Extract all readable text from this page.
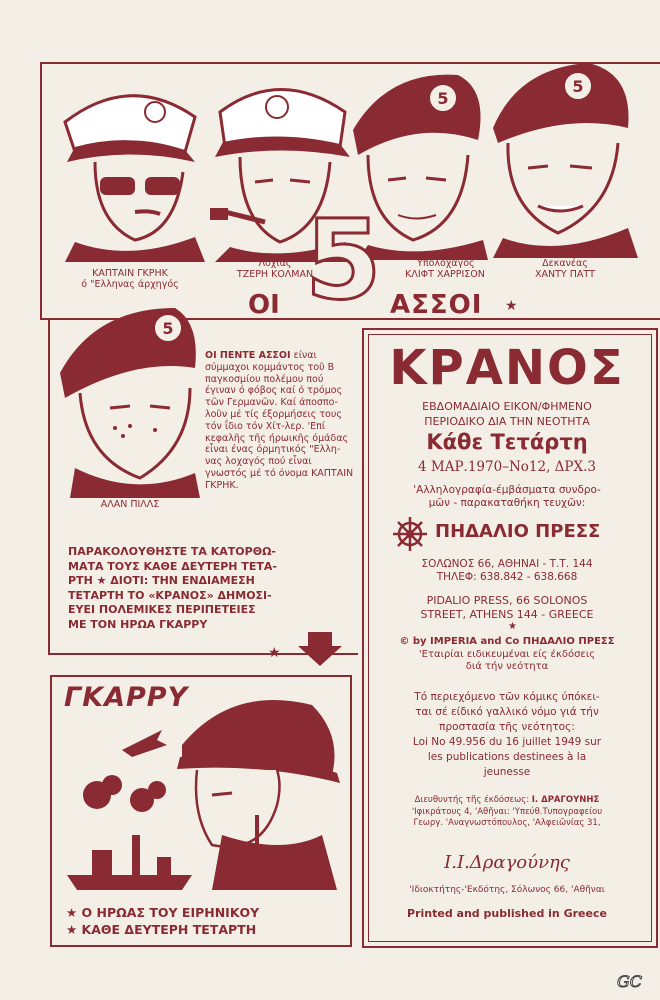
ΚΑΠΤΑΙΝ ΓΚΡΗΚ
ό "Ελληνας άρχηγός
Λοχίας
ΤΖΕΡΗ ΚΟΛΜΑΝ
5
Ὑπολοχαγός
ΚΛΙΦΤ ΧΑΡΡΙΣΟΝ
5
Δεκανέας
ΧΑΝΤΥ ΠΑΤΤ
ΟΙ 5 ΑΣΣΟΙ ★
5
Λοχίας
ΑΛΑΝ ΠΙΛΛΣ
ΟΙ ΠΕΝΤΕ ΑΣΣΟΙ είναι σύμμαχοι κομμάντος τοῦ Β παγκοσμίου πολέμου πού έγιναν ό φόβος καί ό τρόμος τῶν Γερμανῶν. Καί άποσπο-λοῦν μέ τίς έξορμήσεις τους τόν ΐδιο τόν Χίτ-λερ. 'Επί κεφαλῆς τῆς ήρωικῆς όμάδας εἶναι ένας όρμητικός "Ελλη- νας λοχαγός πού εἶναι γνωστός μέ τό όνομα ΚΑΠΤΑΙΝ ΓΚΡΗΚ.
ΠΑΡΑΚΟΛΟΥΘΗΣΤΕ ΤΑ ΚΑΤΟΡΘΩ-
ΜΑΤΑ ΤΟΥΣ ΚΑΘΕ ΔΕΥΤΕΡΗ ΤΕΤΑ-
ΡΤΗ ★ ΔΙΟΤΙ: ΤΗΝ ΕΝΔΙΑΜΕΣΗ
ΤΕΤΑΡΤΗ ΤΟ «ΚΡΑΝΟΣ» ΔΗΜΟΣΙ-
ΕΥΕΙ ΠΟΛΕΜΙΚΕΣ ΠΕΡΙΠΕΤΕΙΕΣ
ΜΕ ΤΟΝ ΗΡΩΑ ΓΚΑΡΡΥ
★
ΓΚΑΡΡΥ
★ Ο ΗΡΩΑΣ ΤΟΥ ΕΙΡΗΝΙΚΟΥ
★ ΚΑΘΕ ΔΕΥΤΕΡΗ ΤΕΤΑΡΤΗ
ΚΡΑΝΟΣ
ΕΒΔΟΜΑΔΙΑΙΟ ΕΙΚΟΝ/ΦΗΜΕΝΟ
ΠΕΡΙΟΔΙΚΟ ΔΙΑ ΤΗΝ ΝΕΟΤΗΤΑ
Κάθε Τετάρτη
4 ΜΑΡ.1970–Νο12, ΔΡΧ.3
'Αλληλογραφία-έμβάσματα συνδρο-
μῶν - παρακαταθήκη τευχῶν:
ΠΗΔΑΛΙΟ ΠΡΕΣΣ
ΣΟΛΩΝΟΣ 66, ΑΘΗΝΑΙ - Τ.Τ. 144
ΤΗΛΕΦ: 638.842 - 638.668
PIDALIO PRESS, 66 SOLONOS
STREET, ATHENS 144 - GREECE
★
© by IMPERIA and Co ΠΗΔΑΛΙΟ ΠΡΕΣΣ
'Εταιρίαι ειδικευμέναι είς έκδόσεις
διά τήν νεότητα
Τό περιεχόμενο τῶν κόμικς ύπόκει-
ται σέ είδικό γαλλικό νόμο γιά τήν
προστασία τῆς νεότητος:
Loi No 49.956 du 16 juillet 1949 sur
les publications destinees à la
jeunesse
Διευθυντής τῆς έκδόσεως: Ι. ΔΡΑΓΟΥΝΗΣ
'Ιφικράτους 4, 'Αθῆναι: 'Υπεύθ.Τυπογραφείου
Γεωργ. 'Αναγνωστόπουλος, 'Αλφειῶνίας 31,
Ι.Ι.Δραγούνης
'Ιδιοκτήτης-'Εκδότης, Σόλωνος 66, 'Αθῆναι
Printed and published in Greece
GC
